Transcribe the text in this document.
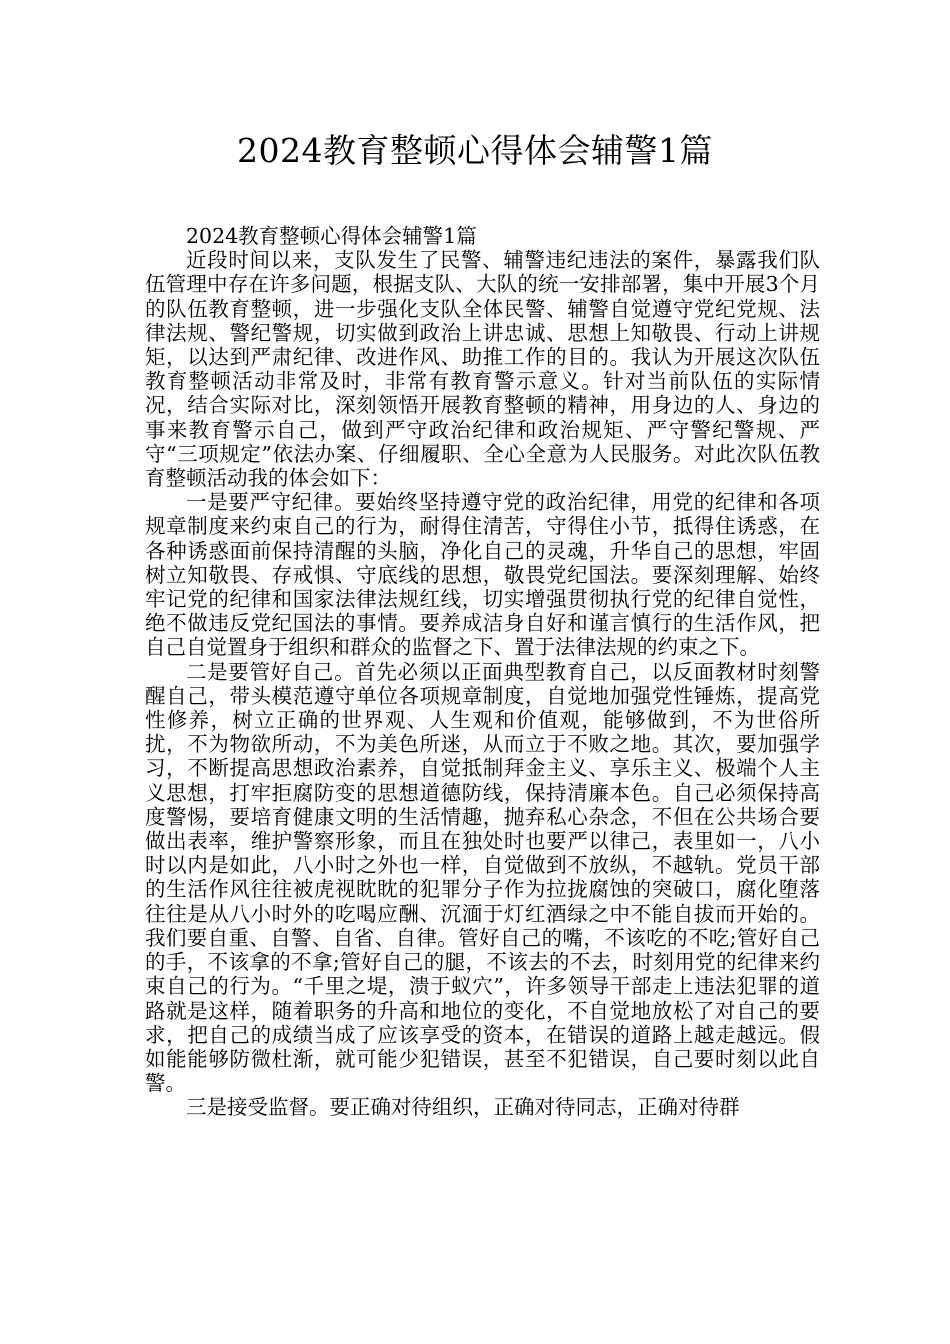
2024教育整顿心得体会辅警1篇

2024教育整顿心得体会辅警1篇

近段时间以来，支队发生了民警、辅警违纪违法的案件，暴露我们队伍管理中存在许多问题，根据支队、大队的统一安排部署，集中开展3个月的队伍教育整顿，进一步强化支队全体民警、辅警自觉遵守党纪党规、法律法规、警纪警规，切实做到政治上讲忠诚、思想上知敬畏、行动上讲规矩，以达到严肃纪律、改进作风、助推工作的目的。我认为开展这次队伍教育整顿活动非常及时，非常有教育警示意义。针对当前队伍的实际情况，结合实际对比，深刻领悟开展教育整顿的精神，用身边的人、身边的事来教育警示自己，做到严守政治纪律和政治规矩、严守警纪警规、严守“三项规定”依法办案、仔细履职、全心全意为人民服务。对此次队伍教育整顿活动我的体会如下：

一是要严守纪律。要始终坚持遵守党的政治纪律，用党的纪律和各项规章制度来约束自己的行为，耐得住清苦，守得住小节，抵得住诱惑，在各种诱惑面前保持清醒的头脑，净化自己的灵魂，升华自己的思想，牢固树立知敬畏、存戒惧、守底线的思想，敬畏党纪国法。要深刻理解、始终牢记党的纪律和国家法律法规红线，切实增强贯彻执行党的纪律自觉性，绝不做违反党纪国法的事情。要养成洁身自好和谨言慎行的生活作风，把自己自觉置身于组织和群众的监督之下、置于法律法规的约束之下。

二是要管好自己。首先必须以正面典型教育自己，以反面教材时刻警醒自己，带头模范遵守单位各项规章制度，自觉地加强党性锤炼，提高党性修养，树立正确的世界观、人生观和价值观，能够做到，不为世俗所扰，不为物欲所动，不为美色所迷，从而立于不败之地。其次，要加强学习，不断提高思想政治素养，自觉抵制拜金主义、享乐主义、极端个人主义思想，打牢拒腐防变的思想道德防线，保持清廉本色。自己必须保持高度警惕，要培育健康文明的生活情趣，抛弃私心杂念，不但在公共场合要做出表率，维护警察形象，而且在独处时也要严以律己，表里如一，八小时以内是如此，八小时之外也一样，自觉做到不放纵，不越轨。党员干部的生活作风往往被虎视眈眈的犯罪分子作为拉拢腐蚀的突破口，腐化堕落往往是从八小时外的吃喝应酬、沉湎于灯红酒绿之中不能自拔而开始的。我们要自重、自警、自省、自律。管好自己的嘴，不该吃的不吃;管好自己的手，不该拿的不拿;管好自己的腿，不该去的不去，时刻用党的纪律来约束自己的行为。“千里之堤，溃于蚁穴”，许多领导干部走上违法犯罪的道路就是这样，随着职务的升高和地位的变化，不自觉地放松了对自己的要求，把自己的成绩当成了应该享受的资本，在错误的道路上越走越远。假如能能够防微杜渐，就可能少犯错误，甚至不犯错误，自己要时刻以此自警。

三是接受监督。要正确对待组织，正确对待同志，正确对待群
